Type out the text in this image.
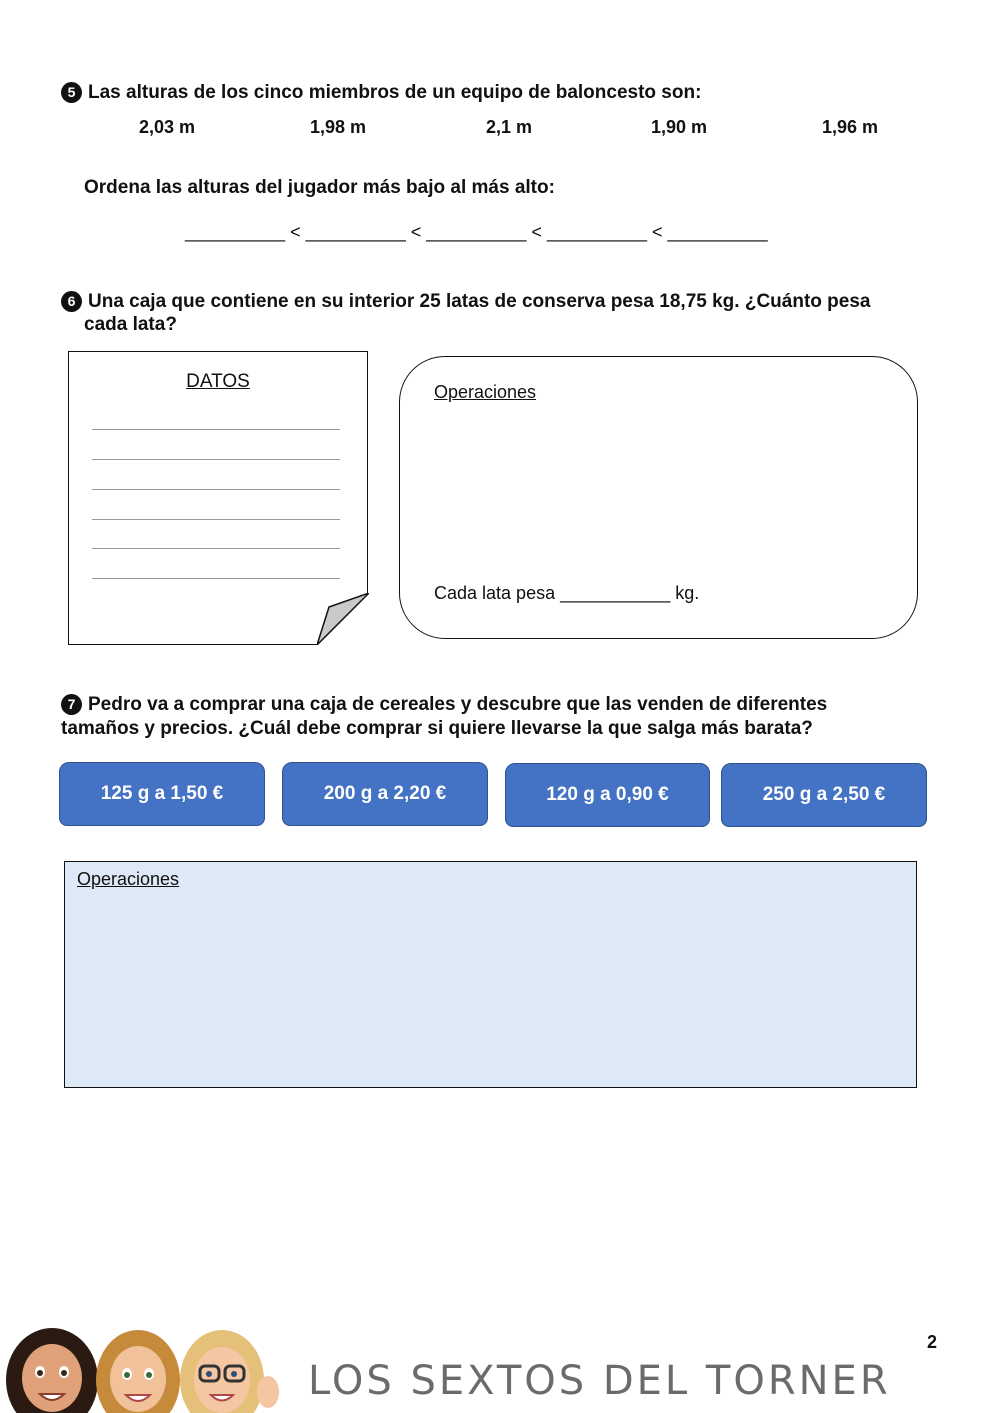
5 Las alturas de los cinco miembros de un equipo de baloncesto son:
2,03 m	1,98 m	2,1 m	1,90 m	1,96 m
Ordena las alturas del jugador más bajo al más alto:
__________ < __________ < __________ < __________ < __________
6 Una caja que contiene en su interior 25 latas de conserva pesa 18,75 kg. ¿Cuánto pesa
cada lata?
DATOS	Operaciones
Cada lata pesa ___________ kg.
7 Pedro va a comprar una caja de cereales y descubre que las venden de diferentes
tamaños y precios. ¿Cuál debe comprar si quiere llevarse la que salga más barata?
125 g a 1,50 €	200 g a 2,20 €	120 g a 0,90 €	250 g a 2,50 €
Operaciones
2
LOS SEXTOS DEL TORNER
